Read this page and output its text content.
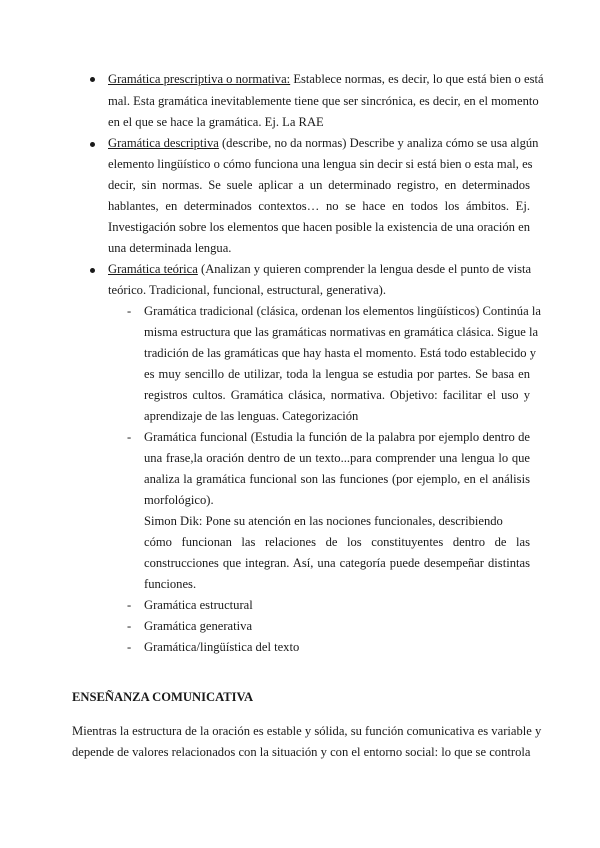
Gramática prescriptiva o normativa: Establece normas, es decir, lo que está bien o está
mal. Esta gramática inevitablemente tiene que ser sincrónica, es decir, en el momento
en el que se hace la gramática. Ej. La RAE
Gramática descriptiva (describe, no da normas) Describe y analiza cómo se usa algún
elemento lingüístico o cómo funciona una lengua sin decir si está bien o esta mal, es
decir, sin normas. Se suele aplicar a un determinado registro, en determinados
hablantes, en determinados contextos… no se hace en todos los ámbitos. Ej.
Investigación sobre los elementos que hacen posible la existencia de una oración en
una determinada lengua.
Gramática teórica (Analizan y quieren comprender la lengua desde el punto de vista
teórico. Tradicional, funcional, estructural, generativa).
- Gramática tradicional (clásica, ordenan los elementos lingüísticos) Continúa la
misma estructura que las gramáticas normativas en gramática clásica. Sigue la
tradición de las gramáticas que hay hasta el momento. Está todo establecido y
es muy sencillo de utilizar, toda la lengua se estudia por partes. Se basa en
registros cultos. Gramática clásica, normativa. Objetivo: facilitar el uso y
aprendizaje de las lenguas. Categorización
- Gramática funcional (Estudia la función de la palabra por ejemplo dentro de
una frase,la oración dentro de un texto...para comprender una lengua lo que
analiza la gramática funcional son las funciones (por ejemplo, en el análisis
morfológico).
Simon Dik: Pone su atención en las nociones funcionales, describiendo
cómo funcionan las relaciones de los constituyentes dentro de las
construcciones que integran. Así, una categoría puede desempeñar distintas
funciones.
- Gramática estructural
- Gramática generativa
- Gramática/lingüística del texto
ENSEÑANZA COMUNICATIVA
Mientras la estructura de la oración es estable y sólida, su función comunicativa es variable y
depende de valores relacionados con la situación y con el entorno social: lo que se controla
